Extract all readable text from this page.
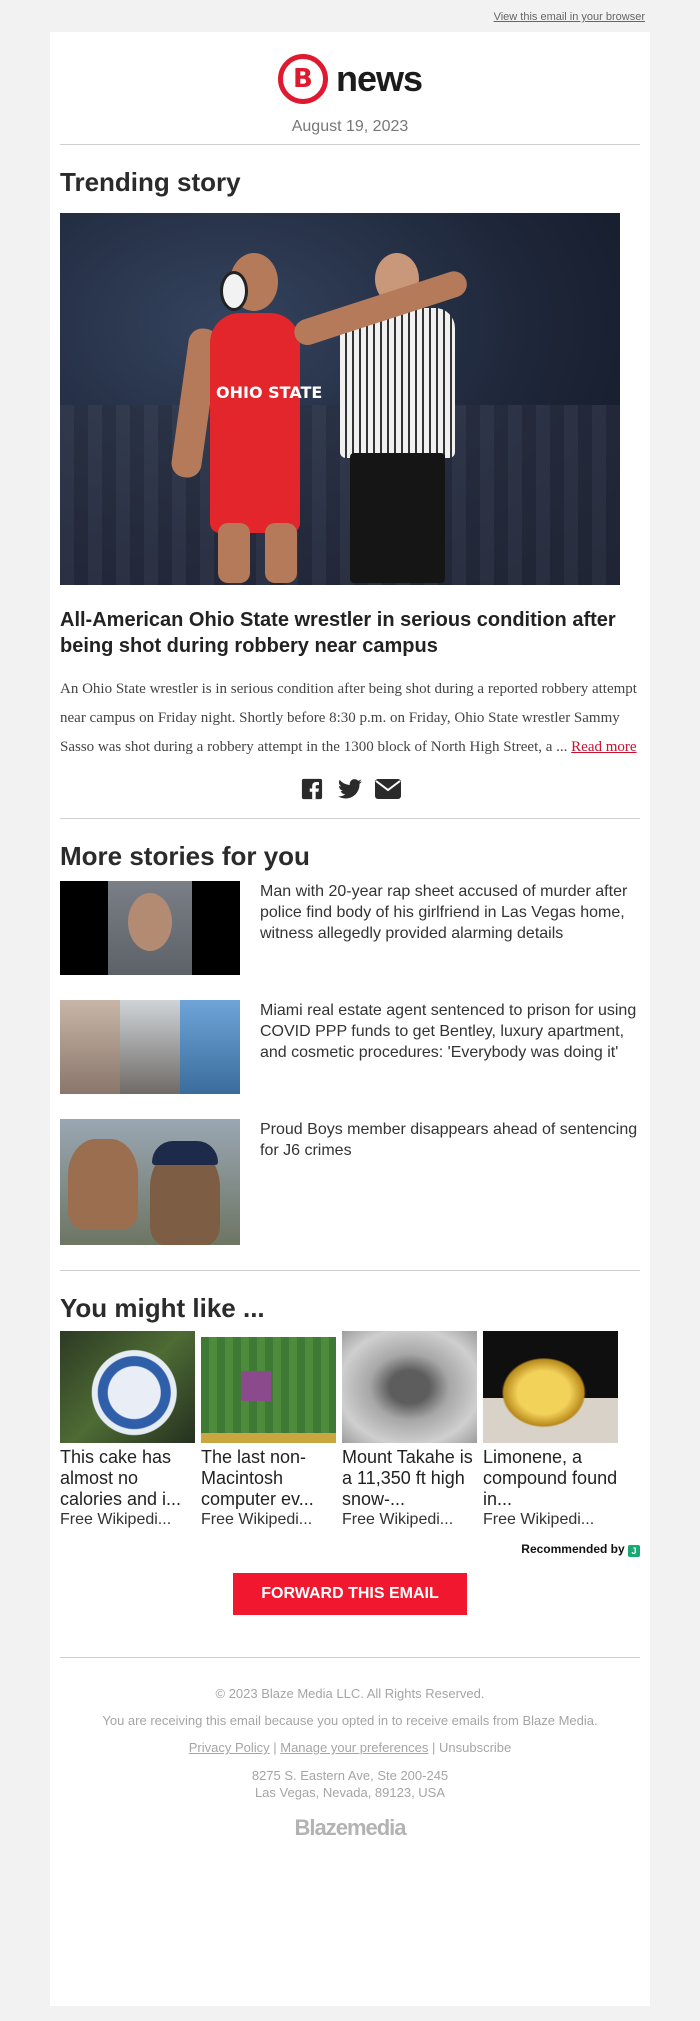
View this email in your browser
B news
August 19, 2023
Trending story
OHIO STATE
All-American Ohio State wrestler in serious condition after being shot during robbery near campus

An Ohio State wrestler is in serious condition after being shot during a reported robbery attempt near campus on Friday night. Shortly before 8:30 p.m. on Friday, Ohio State wrestler Sammy Sasso was shot during a robbery attempt in the 1300 block of North High Street, a ... Read more

More stories for you

Man with 20-year rap sheet accused of murder after police find body of his girlfriend in Las Vegas home, witness allegedly provided alarming details

Miami real estate agent sentenced to prison for using COVID PPP funds to get Bentley, luxury apartment, and cosmetic procedures: 'Everybody was doing it'

Proud Boys member disappears ahead of sentencing for J6 crimes

You might like ...
This cake has almost no calories and i...
Free Wikipedi...
The last non-Macintosh computer ev...
Free Wikipedi...
Mount Takahe is a 11,350 ft high snow-...
Free Wikipedi...
Limonene, a compound found in...
Free Wikipedi...
Recommended by J
FORWARD THIS EMAIL
© 2023 Blaze Media LLC. All Rights Reserved.
You are receiving this email because you opted in to receive emails from Blaze Media.
Privacy Policy | Manage your preferences | Unsubscribe
8275 S. Eastern Ave, Ste 200-245
Las Vegas, Nevada, 89123, USA
Blazemedia
